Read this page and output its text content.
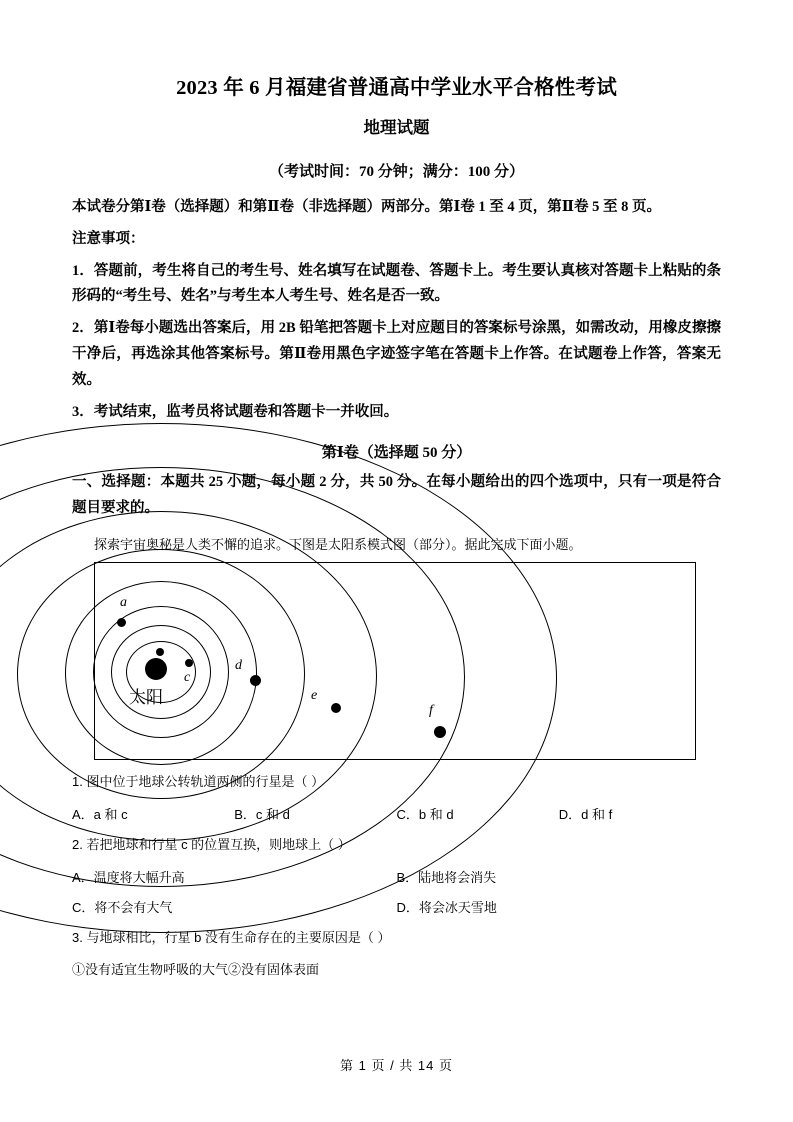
2023 年 6 月福建省普通高中学业水平合格性考试
地理试题
（考试时间：70 分钟；满分：100 分）
本试卷分第Ⅰ卷（选择题）和第Ⅱ卷（非选择题）两部分。第Ⅰ卷 1 至 4 页，第Ⅱ卷 5 至 8 页。
注意事项：
1．答题前，考生将自己的考生号、姓名填写在试题卷、答题卡上。考生要认真核对答题卡上粘贴的条形码的“考生号、姓名”与考生本人考生号、姓名是否一致。
2．第Ⅰ卷每小题选出答案后，用 2B 铅笔把答题卡上对应题目的答案标号涂黑，如需改动，用橡皮擦擦干净后，再选涂其他答案标号。第Ⅱ卷用黑色字迹签字笔在答题卡上作答。在试题卷上作答，答案无效。
3．考试结束，监考员将试题卷和答题卡一并收回。
第Ⅰ卷（选择题 50 分）
一、选择题：本题共 25 小题，每小题 2 分，共 50 分。在每小题给出的四个选项中，只有一项是符合题目要求的。
探索宇宙奥秘是人类不懈的追求。下图是太阳系模式图（部分）。据此完成下面小题。
太阳
a
b c
d
e
f
1. 图中位于地球公转轨道两侧的行星是（ ）
A．a 和 c	B．c 和 d	C．b 和 d	D．d 和 f
2. 若把地球和行星 c 的位置互换，则地球上（ ）
A．温度将大幅升高	B．陆地将会消失
C．将不会有大气	D．将会冰天雪地
3. 与地球相比，行星 b 没有生命存在的主要原因是（ ）
①没有适宜生物呼吸的大气②没有固体表面
第 1 页 / 共 14 页
